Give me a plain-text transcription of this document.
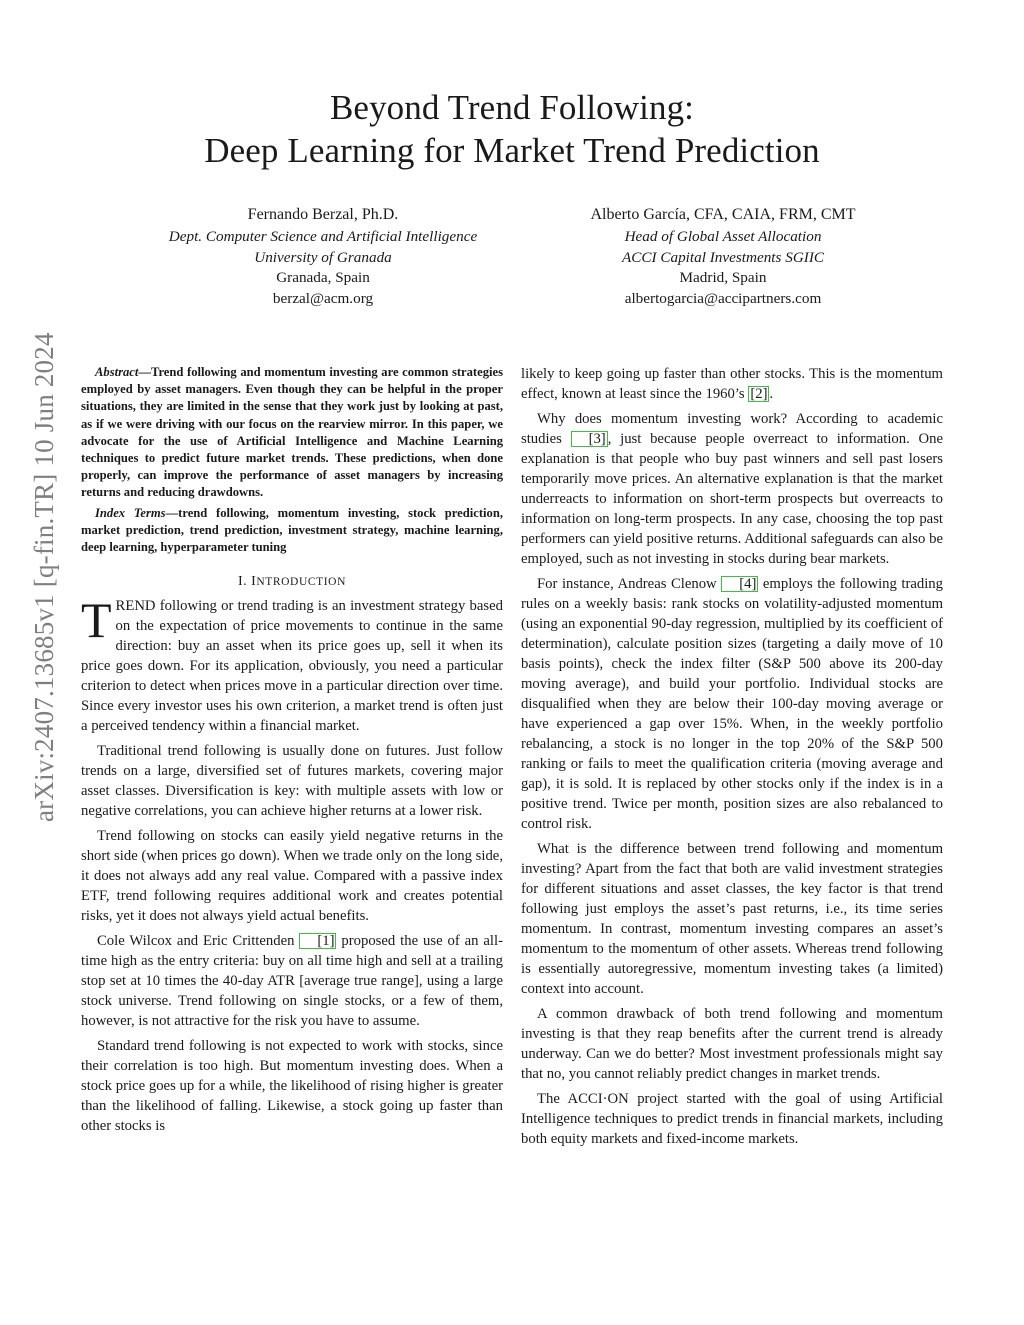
arXiv:2407.13685v1 [q-fin.TR] 10 Jun 2024
Beyond Trend Following:
Deep Learning for Market Trend Prediction
Fernando Berzal, Ph.D.
Dept. Computer Science and Artificial Intelligence
University of Granada
Granada, Spain
berzal@acm.org
Alberto García, CFA, CAIA, FRM, CMT
Head of Global Asset Allocation
ACCI Capital Investments SGIIC
Madrid, Spain
albertogarcia@accipartners.com

Abstract—Trend following and momentum investing are common strategies employed by asset managers. Even though they can be helpful in the proper situations, they are limited in the sense that they work just by looking at past, as if we were driving with our focus on the rearview mirror. In this paper, we advocate for the use of Artificial Intelligence and Machine Learning techniques to predict future market trends. These predictions, when done properly, can improve the performance of asset managers by increasing returns and reducing drawdowns.

Index Terms—trend following, momentum investing, stock prediction, market prediction, trend prediction, investment strategy, machine learning, deep learning, hyperparameter tuning

I. INTRODUCTION

TREND following or trend trading is an investment strategy based on the expectation of price movements to continue in the same direction: buy an asset when its price goes up, sell it when its price goes down. For its application, obviously, you need a particular criterion to detect when prices move in a particular direction over time. Since every investor uses his own criterion, a market trend is often just a perceived tendency within a financial market.

Traditional trend following is usually done on futures. Just follow trends on a large, diversified set of futures markets, covering major asset classes. Diversification is key: with multiple assets with low or negative correlations, you can achieve higher returns at a lower risk.

Trend following on stocks can easily yield negative returns in the short side (when prices go down). When we trade only on the long side, it does not always add any real value. Compared with a passive index ETF, trend following requires additional work and creates potential risks, yet it does not always yield actual benefits.

Cole Wilcox and Eric Crittenden [1] proposed the use of an all-time high as the entry criteria: buy on all time high and sell at a trailing stop set at 10 times the 40-day ATR [average true range], using a large stock universe. Trend following on single stocks, or a few of them, however, is not attractive for the risk you have to assume.

Standard trend following is not expected to work with stocks, since their correlation is too high. But momentum investing does. When a stock price goes up for a while, the likelihood of rising higher is greater than the likelihood of falling. Likewise, a stock going up faster than other stocks is

likely to keep going up faster than other stocks. This is the momentum effect, known at least since the 1960’s [2] .

Why does momentum investing work? According to academic studies [3] , just because people overreact to information. One explanation is that people who buy past winners and sell past losers temporarily move prices. An alternative explanation is that the market underreacts to information on short-term prospects but overreacts to information on long-term prospects. In any case, choosing the top past performers can yield positive returns. Additional safeguards can also be employed, such as not investing in stocks during bear markets.

For instance, Andreas Clenow [4] employs the following trading rules on a weekly basis: rank stocks on volatility-adjusted momentum (using an exponential 90-day regression, multiplied by its coefficient of determination), calculate position sizes (targeting a daily move of 10 basis points), check the index filter (S&P 500 above its 200-day moving average), and build your portfolio. Individual stocks are disqualified when they are below their 100-day moving average or have experienced a gap over 15%. When, in the weekly portfolio rebalancing, a stock is no longer in the top 20% of the S&P 500 ranking or fails to meet the qualification criteria (moving average and gap), it is sold. It is replaced by other stocks only if the index is in a positive trend. Twice per month, position sizes are also rebalanced to control risk.

What is the difference between trend following and momentum investing? Apart from the fact that both are valid investment strategies for different situations and asset classes, the key factor is that trend following just employs the asset’s past returns, i.e., its time series momentum. In contrast, momentum investing compares an asset’s momentum to the momentum of other assets. Whereas trend following is essentially autoregressive, momentum investing takes (a limited) context into account.

A common drawback of both trend following and momentum investing is that they reap benefits after the current trend is already underway. Can we do better? Most investment professionals might say that no, you cannot reliably predict changes in market trends.

The ACCI·ON project started with the goal of using Artificial Intelligence techniques to predict trends in financial markets, including both equity markets and fixed-income markets.
